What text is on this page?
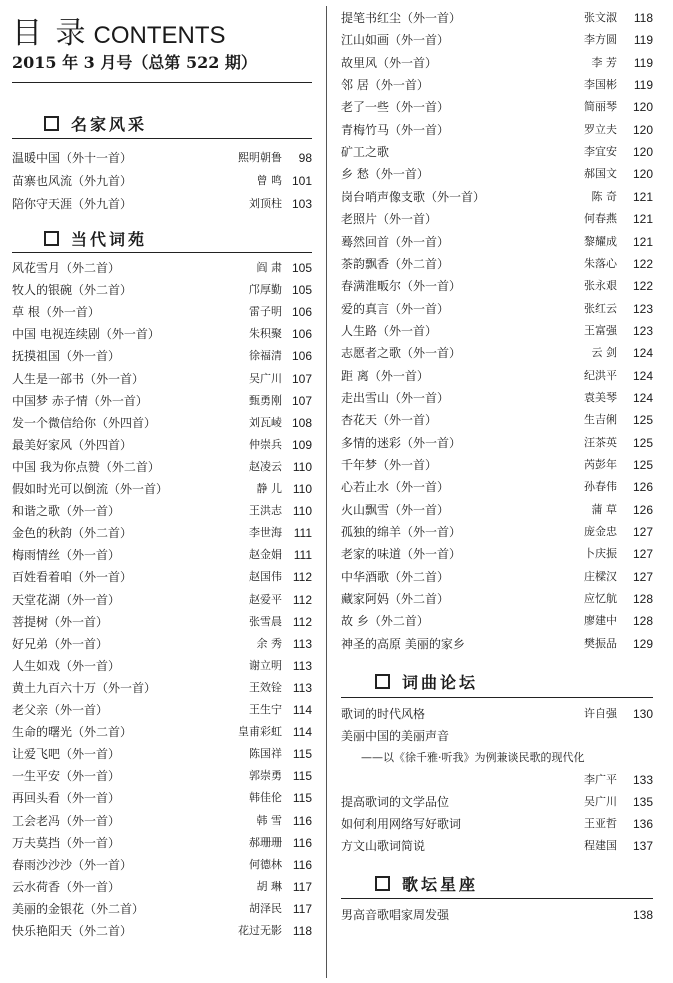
目 录 CONTENTS
2015 年 3 月号（总第 522 期）
名家风采
温暖中国（外十一首）	熙明朝鲁	98
苗寨也风流（外九首）	曾 鸣 101
陪你守天涯（外九首）	刘顶柱 103
当代词苑
风花雪月（外二首）	阎 肃 105
牧人的银碗（外二首）	邝厚勤 105
草 根（外一首）	雷子明 106
中国 电视连续剧（外一首）	朱积聚 106
抚摸祖国（外一首）	徐福清 106
人生是一部书（外一首）	吴广川 107
中国梦 赤子情（外一首）	甄勇刚 107
发一个微信给你（外四首）	刘瓦崚 108
最美好家风（外四首）	仲崇兵 109
中国 我为你点赞（外二首）	赵凌云 110
假如时光可以倒流（外一首）	静 儿 110
和谐之歌（外一首）	王洪志 110
金色的秋韵（外二首）	李世海 111
梅雨情丝（外一首）	赵金娟 111
百姓看着咱（外一首）	赵国伟 112
天堂花湖（外一首）	赵爱平 112
菩提树（外一首）	张雪晨 112
好兄弟（外一首）	余 秀 113
人生如戏（外一首）	谢立明 113
黄土九百六十万（外一首）	王效铨 113
老父亲（外一首）	王生宁 114
生命的曙光（外二首）	皇甫彩虹 114
让爱飞吧（外一首）	陈国祥 115
一生平安（外一首）	郭崇勇 115
再回头看（外一首）	韩佳伦 115
工会老冯（外一首）	韩 雪 116
万夫莫挡（外一首）	郝珊珊 116
春雨沙沙沙（外一首）	何德林 116
云水荷香（外一首）	胡 琳 117
美丽的金银花（外二首）	胡泽民 117
快乐艳阳天（外二首）	花过无影 118
提笔书红尘（外一首）	张文淑	118
江山如画（外一首）	李方圆	119
故里风（外一首）	李 芳	119
邻 居（外一首）	李国彬	119
老了一些（外一首）	简丽琴	120
青梅竹马（外一首）	罗立夫	120
矿工之歌	李宜安	120
乡 愁（外一首）	郝国文	120
岗台哨声像支歌（外一首）	陈 奇	121
老照片（外一首）	何春燕	121
蓦然回首（外一首）	黎耀成	121
茶韵飘香（外二首）	朱落心	122
春满淮畈尔（外一首）	张永艰	122
爱的真言（外一首）	张红云	123
人生路（外一首）	王富强	123
志愿者之歌（外一首）	云 剑	124
距 离（外一首）	纪洪平	124
走出雪山（外一首）	袁美琴	124
杏花天（外一首）	生吉俐	125
多情的迷彩（外一首）	汪茶英	125
千年梦（外一首）	芮彭年	125
心若止水（外一首）	孙春伟	126
火山飘雪（外一首）	蒲 草	126
孤独的绵羊（外一首）	庞金忠	127
老家的味道（外一首）	卜庆振	127
中华酒歌（外二首）	庄樑汉	127
藏家阿妈（外二首）	应忆航	128
故 乡（外二首）	廖建中	128
神圣的高原 美丽的家乡	樊振品	129
词曲论坛
歌词的时代风格	许自强	130
美丽中国的美丽声音
——以《徐千雅·听我》为例兼谈民歌的现代化
李广平	133
提高歌词的文学品位	吴广川	135
如何利用网络写好歌词	王亚哲	136
方文山歌词简说	程建国	137
歌坛星座
男高音歌唱家周发强	138
